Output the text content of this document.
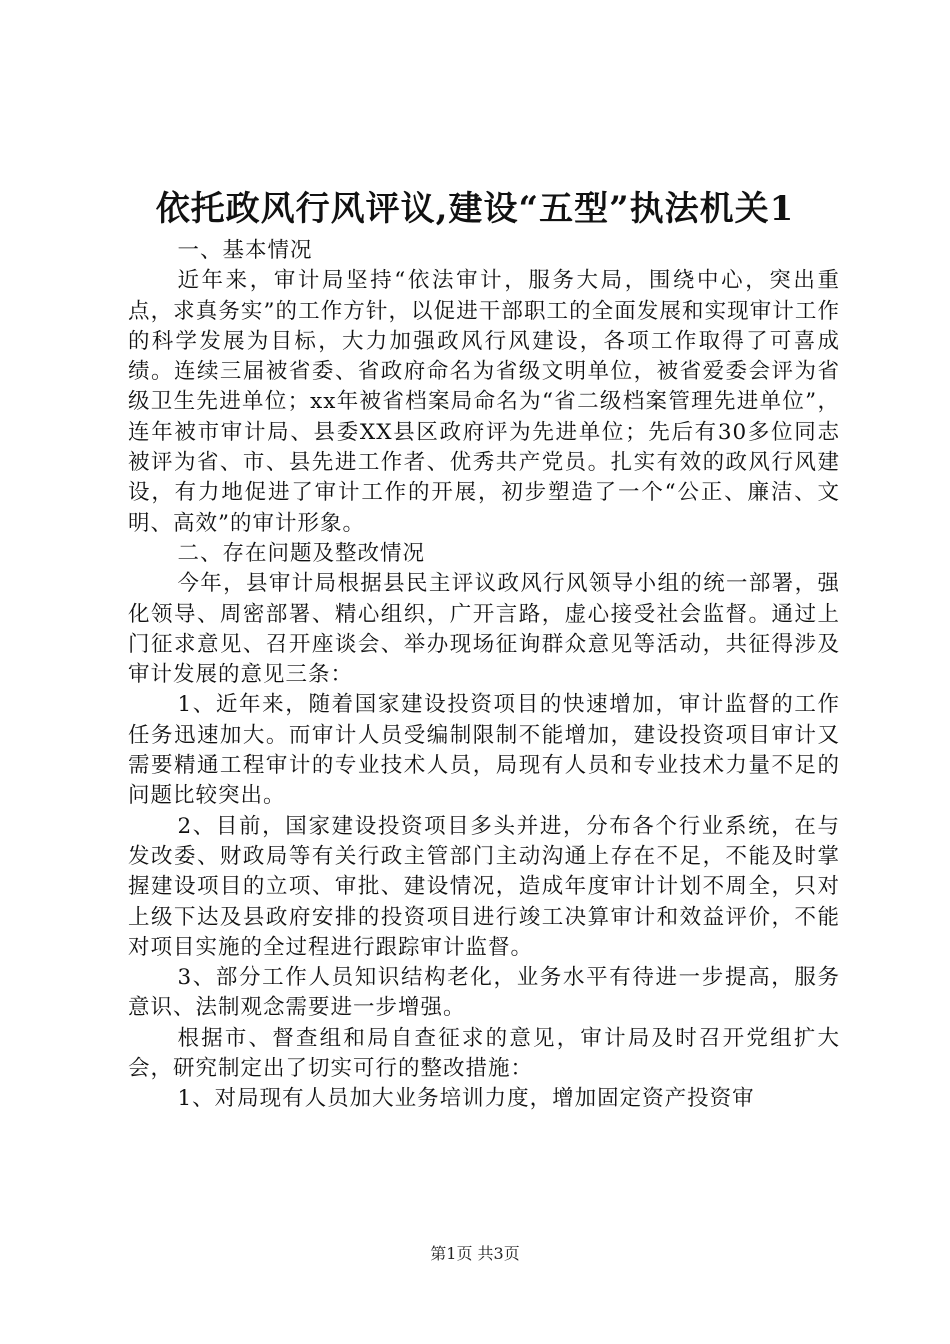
依托政风行风评议,建设“五型”执法机关1

一、基本情况

近年来，审计局坚持“依法审计，服务大局，围绕中心，突出重点，求真务实”的工作方针，以促进干部职工的全面发展和实现审计工作的科学发展为目标，大力加强政风行风建设，各项工作取得了可喜成绩。连续三届被省委、省政府命名为省级文明单位，被省爱委会评为省级卫生先进单位；xx年被省档案局命名为“省二级档案管理先进单位”，连年被市审计局、县委XX县区政府评为先进单位；先后有30多位同志被评为省、市、县先进工作者、优秀共产党员。扎实有效的政风行风建设，有力地促进了审计工作的开展，初步塑造了一个“公正、廉洁、文明、高效”的审计形象。

二、存在问题及整改情况

今年，县审计局根据县民主评议政风行风领导小组的统一部署，强化领导、周密部署、精心组织，广开言路，虚心接受社会监督。通过上门征求意见、召开座谈会、举办现场征询群众意见等活动，共征得涉及审计发展的意见三条：

1、近年来，随着国家建设投资项目的快速增加，审计监督的工作任务迅速加大。而审计人员受编制限制不能增加，建设投资项目审计又需要精通工程审计的专业技术人员，局现有人员和专业技术力量不足的问题比较突出。

2、目前，国家建设投资项目多头并进，分布各个行业系统，在与发改委、财政局等有关行政主管部门主动沟通上存在不足，不能及时掌握建设项目的立项、审批、建设情况，造成年度审计计划不周全，只对上级下达及县政府安排的投资项目进行竣工决算审计和效益评价，不能对项目实施的全过程进行跟踪审计监督。

3、部分工作人员知识结构老化，业务水平有待进一步提高，服务意识、法制观念需要进一步增强。

根据市、督查组和局自查征求的意见，审计局及时召开党组扩大会，研究制定出了切实可行的整改措施：

1、对局现有人员加大业务培训力度，增加固定资产投资审

第1页 共3页
